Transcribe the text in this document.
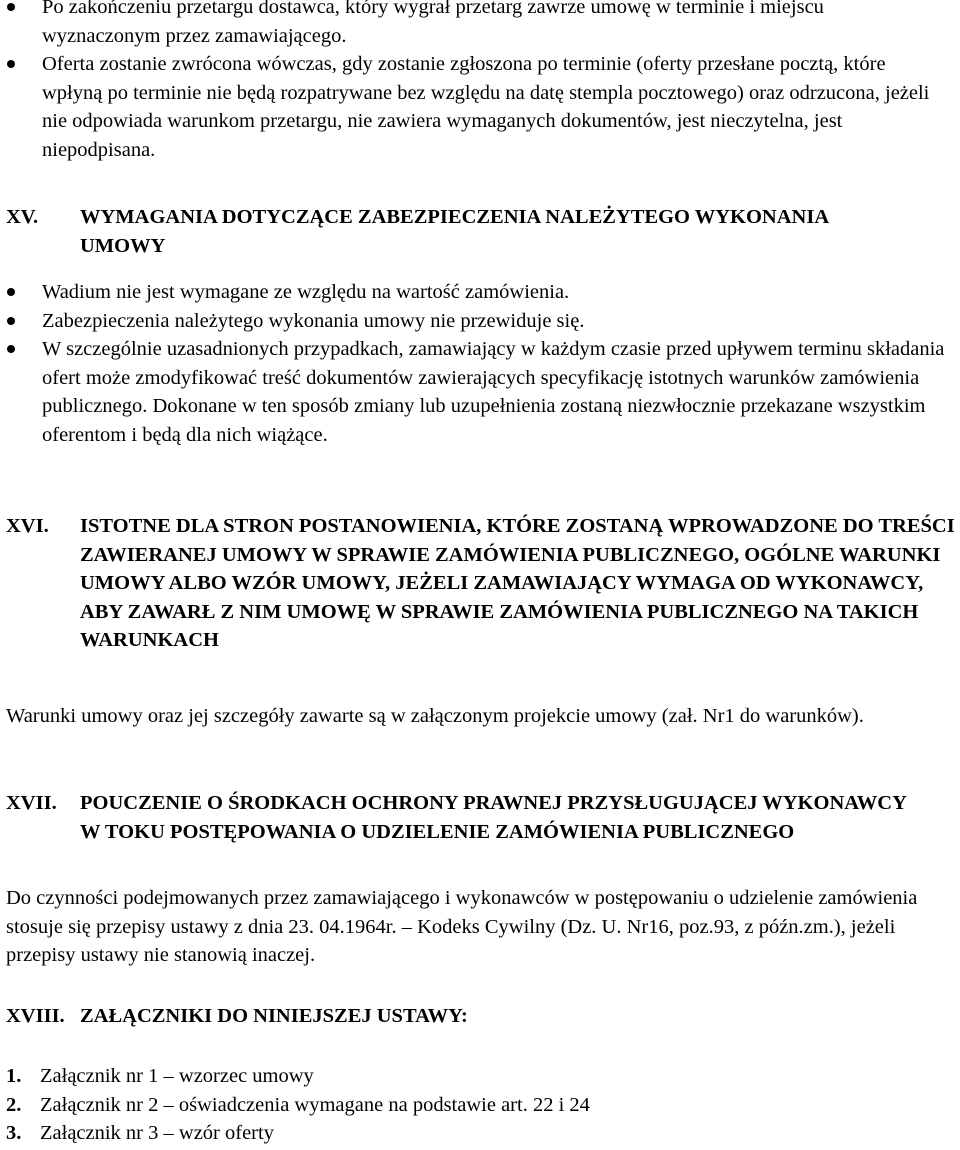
Po zakończeniu przetargu dostawca, który wygrał przetarg zawrze umowę w terminie i miejscu wyznaczonym przez zamawiającego.
Oferta zostanie zwrócona wówczas, gdy zostanie zgłoszona po terminie (oferty przesłane pocztą, które wpłyną po terminie nie będą rozpatrywane bez względu na datę stempla pocztowego) oraz odrzucona, jeżeli nie odpowiada warunkom przetargu, nie zawiera wymaganych dokumentów, jest nieczytelna, jest niepodpisana.
XV.	WYMAGANIA DOTYCZĄCE ZABEZPIECZENIA NALEŻYTEGO WYKONANIA UMOWY
Wadium nie jest wymagane ze względu na wartość zamówienia.
Zabezpieczenia należytego wykonania umowy nie przewiduje się.
W szczególnie uzasadnionych przypadkach, zamawiający w każdym czasie przed upływem terminu składania ofert może zmodyfikować treść dokumentów zawierających specyfikację istotnych warunków zamówienia publicznego. Dokonane w ten sposób zmiany lub uzupełnienia zostaną niezwłocznie przekazane wszystkim oferentom i będą dla nich wiążące.
XVI.	ISTOTNE DLA STRON POSTANOWIENIA, KTÓRE ZOSTANĄ WPROWADZONE DO TREŚCI ZAWIERANEJ UMOWY W SPRAWIE ZAMÓWIENIA PUBLICZNEGO, OGÓLNE WARUNKI UMOWY ALBO WZÓR UMOWY, JEŻELI ZAMAWIAJĄCY WYMAGA OD WYKONAWCY, ABY ZAWARŁ Z NIM UMOWĘ W SPRAWIE ZAMÓWIENIA PUBLICZNEGO NA TAKICH WARUNKACH

Warunki umowy oraz jej szczegóły zawarte są w załączonym projekcie umowy (zał. Nr1 do warunków).

XVII.	POUCZENIE O ŚRODKACH OCHRONY PRAWNEJ PRZYSŁUGUJĄCEJ WYKONAWCY W TOKU POSTĘPOWANIA O UDZIELENIE ZAMÓWIENIA PUBLICZNEGO

Do czynności podejmowanych przez zamawiającego i wykonawców w postępowaniu o udzielenie zamówienia stosuje się przepisy ustawy z dnia 23. 04.1964r. – Kodeks Cywilny (Dz. U. Nr16, poz.93, z późn.zm.), jeżeli przepisy ustawy nie stanowią inaczej.

XVIII. ZAŁĄCZNIKI DO NINIEJSZEJ USTAWY:
1. Załącznik nr 1 – wzorzec umowy
2. Załącznik nr 2 – oświadczenia wymagane na podstawie art. 22 i 24
3. Załącznik nr 3 – wzór oferty
